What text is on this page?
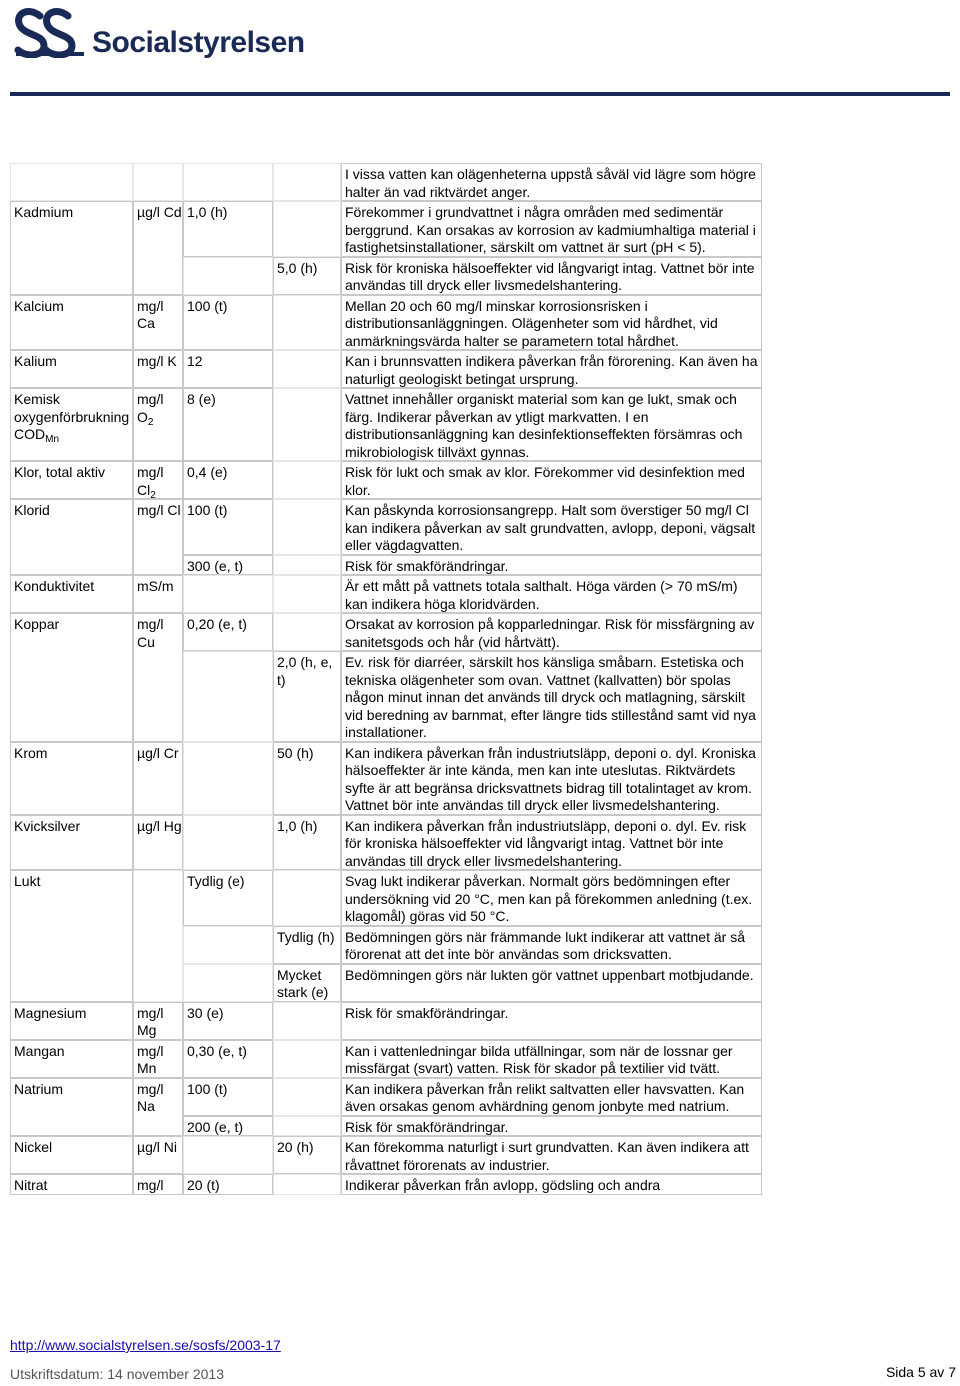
Socialstyrelsen
				I vissa vatten kan olägenheterna uppstå såväl vid lägre som högre halter än vad riktvärdet anger.
Kadmium	µg/l Cd	1,0 (h)		Förekommer i grundvattnet i några områden med sedimentär berggrund. Kan orsakas av korrosion av kadmiumhaltiga material i fastighetsinstallationer, särskilt om vattnet är surt (pH < 5).
			5,0 (h)	Risk för kroniska hälsoeffekter vid långvarigt intag. Vattnet bör inte användas till dryck eller livsmedelshantering.
Kalcium	mg/l Ca	100 (t)		Mellan 20 och 60 mg/l minskar korrosionsrisken i distributionsanläggningen. Olägenheter som vid hårdhet, vid anmärkningsvärda halter se parametern total hårdhet.
Kalium	mg/l K	12		Kan i brunnsvatten indikera påverkan från förorening. Kan även ha naturligt geologiskt betingat ursprung.
Kemisk oxygenförbrukning $COD_{Mn}$	mg/l $O_2$	8 (e)		Vattnet innehåller organiskt material som kan ge lukt, smak och färg. Indikerar påverkan av ytligt markvatten. I en distributionsanläggning kan desinfektionseffekten försämras och mikrobiologisk tillväxt gynnas.
Klor, total aktiv	mg/l $Cl_2$	0,4 (e)		Risk för lukt och smak av klor. Förekommer vid desinfektion med klor.
Klorid	mg/l Cl	100 (t)		Kan påskynda korrosionsangrepp. Halt som överstiger 50 mg/l Cl kan indikera påverkan av salt grundvatten, avlopp, deponi, vägsalt eller vägdagvatten.
		300 (e, t)		Risk för smakförändringar.
Konduktivitet	mS/m			Är ett mått på vattnets totala salthalt. Höga värden (> 70 mS/m) kan indikera höga kloridvärden.
Koppar	mg/l Cu	0,20 (e, t)		Orsakat av korrosion på kopparledningar. Risk för missfärgning av sanitetsgods och hår (vid hårtvätt).
			2,0 (h, e, t)	Ev. risk för diarréer, särskilt hos känsliga småbarn. Estetiska och tekniska olägenheter som ovan. Vattnet (kallvatten) bör spolas någon minut innan det används till dryck och matlagning, särskilt vid beredning av barnmat, efter längre tids stillestånd samt vid nya installationer.
Krom	µg/l Cr		50 (h)	Kan indikera påverkan från industriutsläpp, deponi o. dyl. Kroniska hälsoeffekter är inte kända, men kan inte uteslutas. Riktvärdets syfte är att begränsa dricksvattnets bidrag till totalintaget av krom. Vattnet bör inte användas till dryck eller livsmedelshantering.
Kvicksilver	µg/l Hg		1,0 (h)	Kan indikera påverkan från industriutsläpp, deponi o. dyl. Ev. risk för kroniska hälsoeffekter vid långvarigt intag. Vattnet bör inte användas till dryck eller livsmedelshantering.
Lukt		Tydlig (e)		Svag lukt indikerar påverkan. Normalt görs bedömningen efter undersökning vid 20 °C, men kan på förekommen anledning (t.ex. klagomål) göras vid 50 °C.
			Tydlig (h)	Bedömningen görs när främmande lukt indikerar att vattnet är så förorenat att det inte bör användas som dricksvatten.
			Mycket stark (e)	Bedömningen görs när lukten gör vattnet uppenbart motbjudande.
Magnesium	mg/l Mg	30 (e)		Risk för smakförändringar.
Mangan	mg/l Mn	0,30 (e, t)		Kan i vattenledningar bilda utfällningar, som när de lossnar ger missfärgat (svart) vatten. Risk för skador på textilier vid tvätt.
Natrium	mg/l Na	100 (t)		Kan indikera påverkan från relikt saltvatten eller havsvatten. Kan även orsakas genom avhärdning genom jonbyte med natrium.
		200 (e, t)		Risk för smakförändringar.
Nickel	µg/l Ni		20 (h)	Kan förekomma naturligt i surt grundvatten. Kan även indikera att råvattnet förorenats av industrier.
Nitrat	mg/l	20 (t)		Indikerar påverkan från avlopp, gödsling och andra
http://www.socialstyrelsen.se/sosfs/2003-17
Utskriftsdatum: 14 november 2013	Sida 5 av 7
